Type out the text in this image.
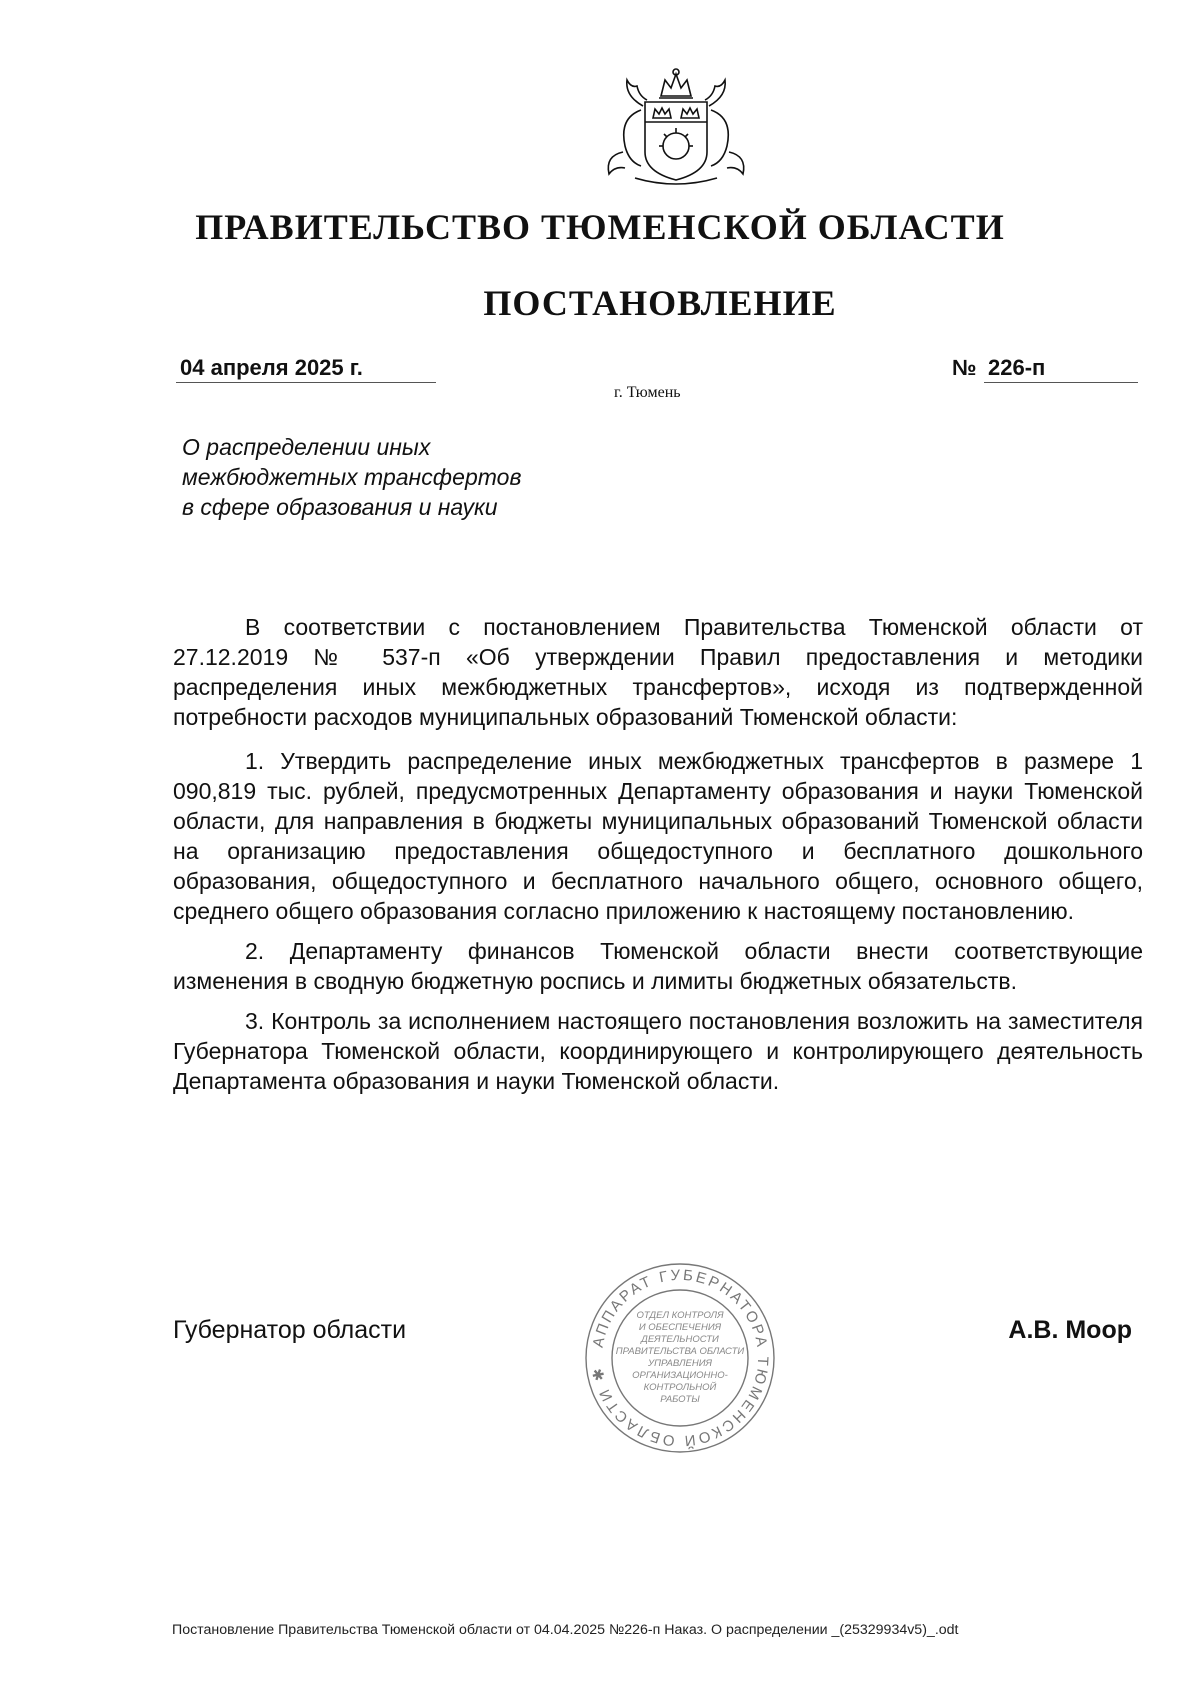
ПРАВИТЕЛЬСТВО ТЮМЕНСКОЙ ОБЛАСТИ
ПОСТАНОВЛЕНИЕ
04 апреля 2025 г.	№ 226-п
г. Тюмень
О распределении иных
межбюджетных трансфертов
в сфере образования и науки

В соответствии с постановлением Правительства Тюменской области от 27.12.2019 № 537-п «Об утверждении Правил предоставления и методики распределения иных межбюджетных трансфертов», исходя из подтвержденной потребности расходов муниципальных образований Тюменской области:

1. Утвердить распределение иных межбюджетных трансфертов в размере 1 090,819 тыс. рублей, предусмотренных Департаменту образования и науки Тюменской области, для направления в бюджеты муниципальных образований Тюменской области на организацию предоставления общедоступного и бесплатного дошкольного образования, общедоступного и бесплатного начального общего, основного общего, среднего общего образования согласно приложению к настоящему постановлению.

2. Департаменту финансов Тюменской области внести соответствующие изменения в сводную бюджетную роспись и лимиты бюджетных обязательств.

3. Контроль за исполнением настоящего постановления возложить на заместителя Губернатора Тюменской области, координирующего и контролирующего деятельность Департамента образования и науки Тюменской области.

АППАРАТ ГУБЕРНАТОРА ТЮМЕНСКОЙ ОБЛАСТИ ✱
ОТДЕЛ КОНТРОЛЯ
И ОБЕСПЕЧЕНИЯ
ДЕЯТЕЛЬНОСТИ
ПРАВИТЕЛЬСТВА ОБЛАСТИ
УПРАВЛЕНИЯ
ОРГАНИЗАЦИОННО-
КОНТРОЛЬНОЙ
РАБОТЫ
Губернатор области	А.В. Моор
Постановление Правительства Тюменской области от 04.04.2025 №226-п Наказ. О распределении _(25329934v5)_.odt
